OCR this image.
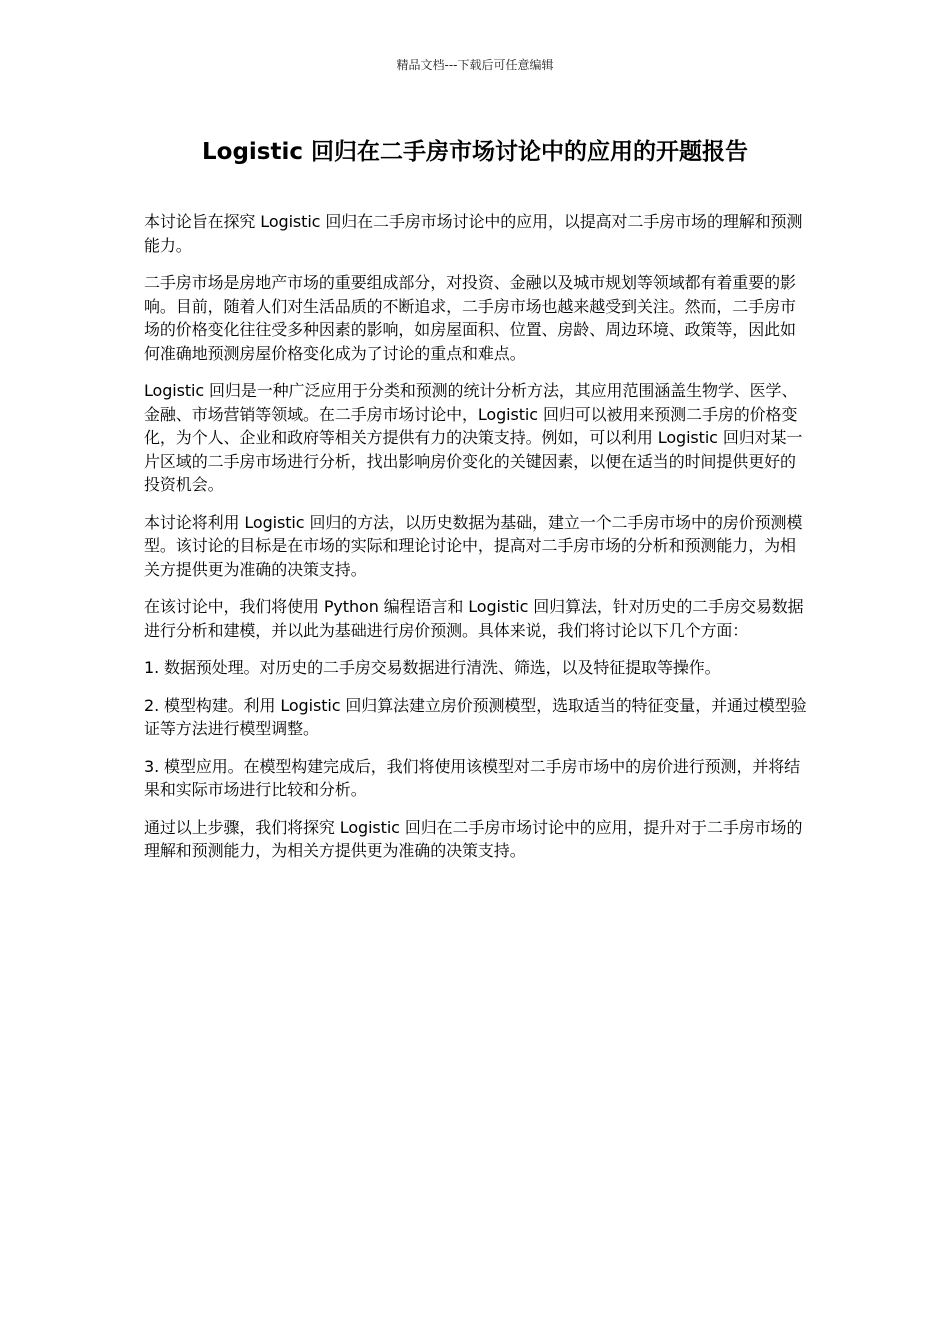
精品文档---下载后可任意编辑
Logistic 回归在二手房市场讨论中的应用的开题报告

本讨论旨在探究 Logistic 回归在二手房市场讨论中的应用，以提高对二手房市场的理解和预测能力。

二手房市场是房地产市场的重要组成部分，对投资、金融以及城市规划等领域都有着重要的影响。目前，随着人们对生活品质的不断追求，二手房市场也越来越受到关注。然而，二手房市场的价格变化往往受多种因素的影响，如房屋面积、位置、房龄、周边环境、政策等，因此如何准确地预测房屋价格变化成为了讨论的重点和难点。

Logistic 回归是一种广泛应用于分类和预测的统计分析方法，其应用范围涵盖生物学、医学、金融、市场营销等领域。在二手房市场讨论中，Logistic 回归可以被用来预测二手房的价格变化，为个人、企业和政府等相关方提供有力的决策支持。例如，可以利用 Logistic 回归对某一片区域的二手房市场进行分析，找出影响房价变化的关键因素，以便在适当的时间提供更好的投资机会。

本讨论将利用 Logistic 回归的方法，以历史数据为基础，建立一个二手房市场中的房价预测模型。该讨论的目标是在市场的实际和理论讨论中，提高对二手房市场的分析和预测能力，为相关方提供更为准确的决策支持。

在该讨论中，我们将使用 Python 编程语言和 Logistic 回归算法，针对历史的二手房交易数据进行分析和建模，并以此为基础进行房价预测。具体来说，我们将讨论以下几个方面：

1. 数据预处理。对历史的二手房交易数据进行清洗、筛选，以及特征提取等操作。

2. 模型构建。利用 Logistic 回归算法建立房价预测模型，选取适当的特征变量，并通过模型验证等方法进行模型调整。

3. 模型应用。在模型构建完成后，我们将使用该模型对二手房市场中的房价进行预测，并将结果和实际市场进行比较和分析。

通过以上步骤，我们将探究 Logistic 回归在二手房市场讨论中的应用，提升对于二手房市场的理解和预测能力，为相关方提供更为准确的决策支持。
